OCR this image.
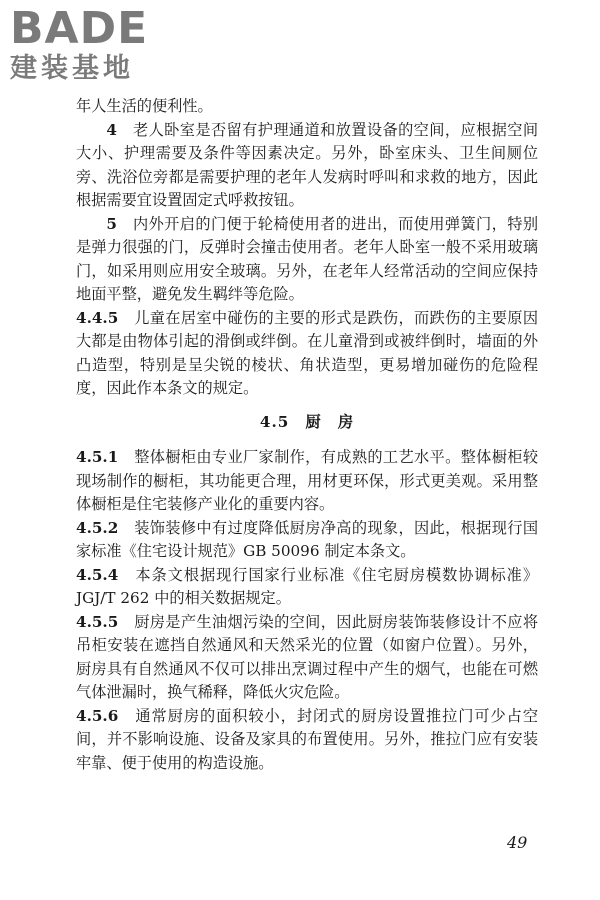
BADE
建装基地

年人生活的便利性。

4　 老人卧室是否留有护理通道和放置设备的空间，应根据空间大小、护理需要及条件等因素决定。另外，卧室床头、卫生间厕位旁、洗浴位旁都是需要护理的老年人发病时呼叫和求救的地方，因此根据需要宜设置固定式呼救按钮。

5　 内外开启的门便于轮椅使用者的进出，而使用弹簧门，特别是弹力很强的门，反弹时会撞击使用者。老年人卧室一般不采用玻璃门，如采用则应用安全玻璃。另外，在老年人经常活动的空间应保持地面平整，避免发生羁绊等危险。

4.4.5　 儿童在居室中碰伤的主要的形式是跌伤，而跌伤的主要原因大都是由物体引起的滑倒或绊倒。在儿童滑到或被绊倒时，墙面的外凸造型，特别是呈尖锐的棱状、角状造型，更易增加碰伤的危险程度，因此作本条文的规定。

4.5　厨　房

4.5.1　 整体橱柜由专业厂家制作，有成熟的工艺水平。整体橱柜较现场制作的橱柜，其功能更合理，用材更环保，形式更美观。采用整体橱柜是住宅装修产业化的重要内容。

4.5.2　 装饰装修中有过度降低厨房净高的现象，因此，根据现行国家标准《住宅设计规范》GB 50096 制定本条文。

4.5.4　 本条文根据现行国家行业标准《住宅厨房模数协调标准》JGJ/T 262 中的相关数据规定。

4.5.5　 厨房是产生油烟污染的空间，因此厨房装饰装修设计不应将吊柜安装在遮挡自然通风和天然采光的位置（如窗户位置）。另外，厨房具有自然通风不仅可以排出烹调过程中产生的烟气，也能在可燃气体泄漏时，换气稀释，降低火灾危险。

4.5.6　 通常厨房的面积较小，封闭式的厨房设置推拉门可少占空间，并不影响设施、设备及家具的布置使用。另外，推拉门应有安装牢靠、便于使用的构造设施。

49
